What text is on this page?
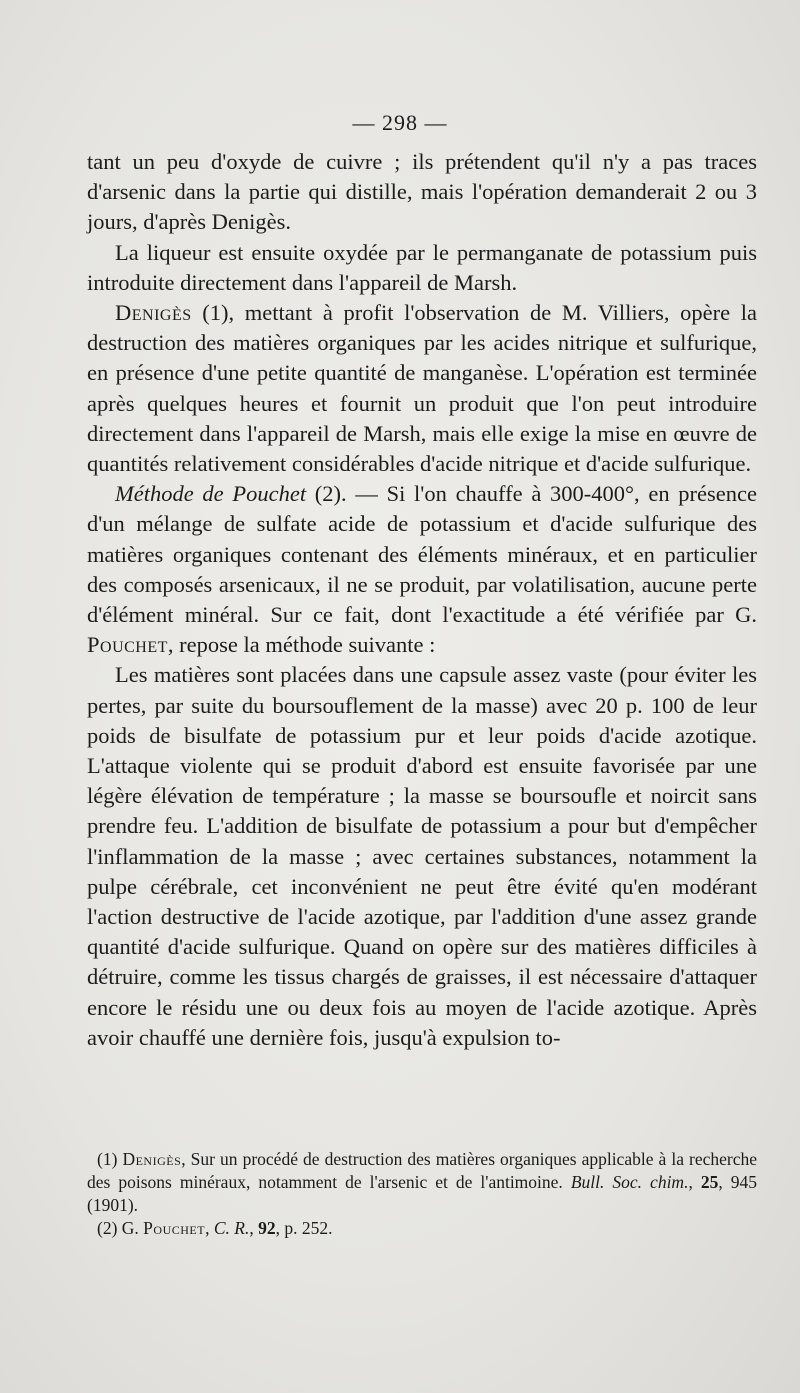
— 298 —

tant un peu d'oxyde de cuivre ; ils prétendent qu'il n'y a pas traces d'arsenic dans la partie qui distille, mais l'opération demanderait 2 ou 3 jours, d'après Denigès.

La liqueur est ensuite oxydée par le permanganate de potassium puis introduite directement dans l'appareil de Marsh.

Denigès (1), mettant à profit l'observation de M. Villiers, opère la destruction des matières organiques par les acides nitrique et sulfurique, en présence d'une petite quantité de manganèse. L'opération est terminée après quelques heures et fournit un produit que l'on peut introduire directement dans l'appareil de Marsh, mais elle exige la mise en œuvre de quantités relativement considérables d'acide nitrique et d'acide sulfurique.

Méthode de Pouchet (2). — Si l'on chauffe à 300-400°, en présence d'un mélange de sulfate acide de potassium et d'acide sulfurique des matières organiques contenant des éléments minéraux, et en particulier des composés arsenicaux, il ne se produit, par volatilisation, aucune perte d'élément minéral. Sur ce fait, dont l'exactitude a été vérifiée par G. Pouchet, repose la méthode suivante :

Les matières sont placées dans une capsule assez vaste (pour éviter les pertes, par suite du boursouflement de la masse) avec 20 p. 100 de leur poids de bisulfate de potassium pur et leur poids d'acide azotique. L'attaque violente qui se produit d'abord est ensuite favorisée par une légère élévation de température ; la masse se boursoufle et noircit sans prendre feu. L'addition de bisulfate de potassium a pour but d'empêcher l'inflammation de la masse ; avec certaines substances, notamment la pulpe cérébrale, cet inconvénient ne peut être évité qu'en modérant l'action destructive de l'acide azotique, par l'addition d'une assez grande quantité d'acide sulfurique. Quand on opère sur des matières difficiles à détruire, comme les tissus chargés de graisses, il est nécessaire d'attaquer encore le résidu une ou deux fois au moyen de l'acide azotique. Après avoir chauffé une dernière fois, jusqu'à expulsion to-

(1) Denigès, Sur un procédé de destruction des matières organiques applicable à la recherche des poisons minéraux, notamment de l'arsenic et de l'antimoine. Bull. Soc. chim., 25, 945 (1901).

(2) G. Pouchet, C. R., 92, p. 252.
